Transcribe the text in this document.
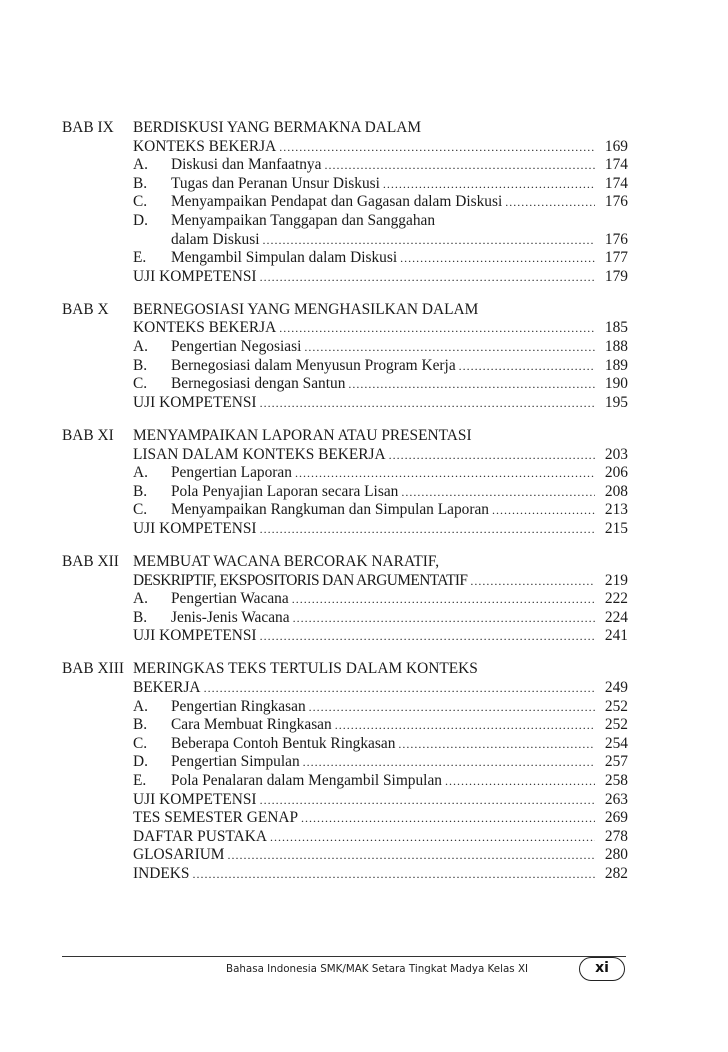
BAB IX	BERDISKUSI YANG BERMAKNA DALAM
KONTEKS BEKERJA .....	169
A.	Diskusi dan Manfaatnya .....	174
B.	Tugas dan Peranan Unsur Diskusi .....	174
C.	Menyampaikan Pendapat dan Gagasan dalam Diskusi .....	176
D.	Menyampaikan Tanggapan dan Sanggahan
dalam Diskusi .....	176
E.	Mengambil Simpulan dalam Diskusi .....	177
UJI KOMPETENSI .....	179
BAB X	BERNEGOSIASI YANG MENGHASILKAN DALAM
KONTEKS BEKERJA .....	185
A.	Pengertian Negosiasi .....	188
B.	Bernegosiasi dalam Menyusun Program Kerja .....	189
C.	Bernegosiasi dengan Santun .....	190
UJI KOMPETENSI .....	195
BAB XI	MENYAMPAIKAN LAPORAN ATAU PRESENTASI
LISAN DALAM KONTEKS BEKERJA .....	203
A.	Pengertian Laporan .....	206
B.	Pola Penyajian Laporan secara Lisan .....	208
C.	Menyampaikan Rangkuman dan Simpulan Laporan .....	213
UJI KOMPETENSI .....	215
BAB XII MEMBUAT WACANA BERCORAK NARATIF,
DESKRIPTIF, EKSPOSITORIS DAN ARGUMENTATIF .....	219
A.	Pengertian Wacana .....	222
B.	Jenis-Jenis Wacana .....	224
UJI KOMPETENSI .....	241
BAB XIII MERINGKAS TEKS TERTULIS DALAM KONTEKS
BEKERJA .....	249
A.	Pengertian Ringkasan .....	252
B.	Cara Membuat Ringkasan .....	252
C.	Beberapa Contoh Bentuk Ringkasan .....	254
D.	Pengertian Simpulan .....	257
E.	Pola Penalaran dalam Mengambil Simpulan .....	258
UJI KOMPETENSI .....	263
TES SEMESTER GENAP .....	269
DAFTAR PUSTAKA .....	278
GLOSARIUM .....	280
INDEKS .....	282
Bahasa Indonesia SMK/MAK Setara Tingkat Madya Kelas XI	xi
